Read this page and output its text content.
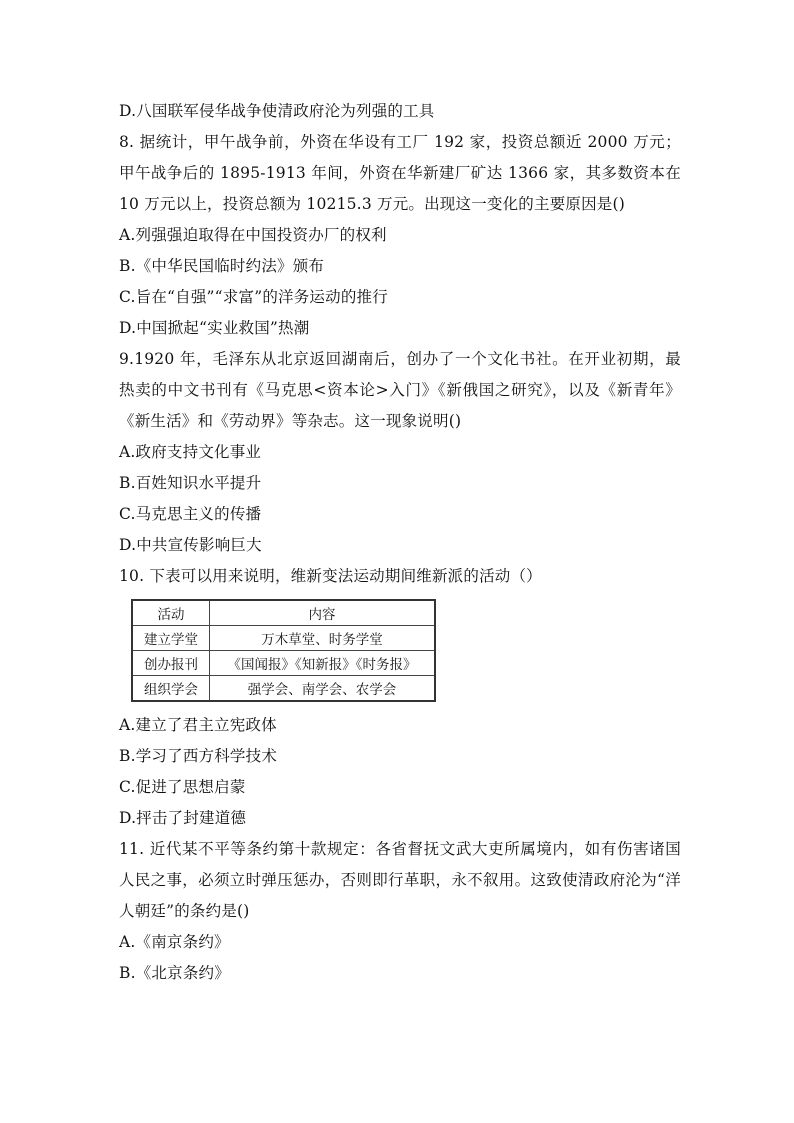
D.八国联军侵华战争使清政府沦为列强的工具
8. 据统计，甲午战争前，外资在华设有工厂 192 家，投资总额近 2000 万元；甲午战争后的 1895-1913 年间，外资在华新建厂矿达 1366 家，其多数资本在 10 万元以上，投资总额为 10215.3 万元。出现这一变化的主要原因是()
A.列强强迫取得在中国投资办厂的权利
B.《中华民国临时约法》颁布
C.旨在“自强”“求富”的洋务运动的推行
D.中国掀起“实业救国”热潮
9.1920 年，毛泽东从北京返回湖南后，创办了一个文化书社。在开业初期，最热卖的中文书刊有《马克思<资本论>入门》《新俄国之研究》，以及《新青年》《新生活》和《劳动界》等杂志。这一现象说明()
A.政府支持文化事业
B.百姓知识水平提升
C.马克思主义的传播
D.中共宣传影响巨大
10. 下表可以用来说明，维新变法运动期间维新派的活动（）
活动	内容
建立学堂	万木草堂、时务学堂
创办报刊	《国闻报》《知新报》《时务报》
组织学会	强学会、南学会、农学会
A.建立了君主立宪政体
B.学习了西方科学技术
C.促进了思想启蒙
D.抨击了封建道德
11. 近代某不平等条约第十款规定：各省督抚文武大吏所属境内，如有伤害诸国人民之事，必须立时弹压惩办，否则即行革职，永不叙用。这致使清政府沦为“洋人朝廷”的条约是()
A.《南京条约》
B.《北京条约》
